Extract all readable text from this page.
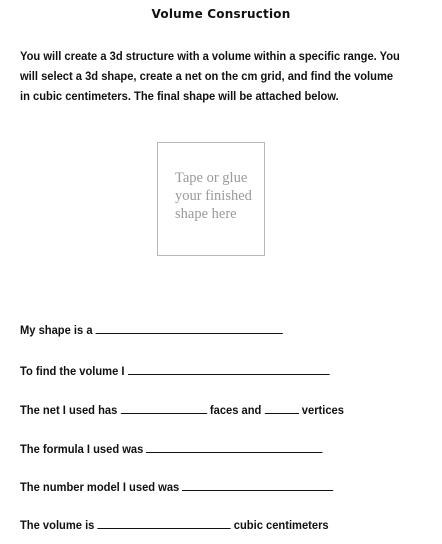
Volume Consruction
You will create a 3d structure with a volume within a specific range. You
will select a 3d shape, create a net on the cm grid, and find the volume
in cubic centimeters. The final shape will be attached below.
Tape or glue
your finished
shape here
My shape is a
To find the volume I
The net I used has	faces and	vertices
The formula I used was
The number model I used was
The volume is	cubic centimeters
